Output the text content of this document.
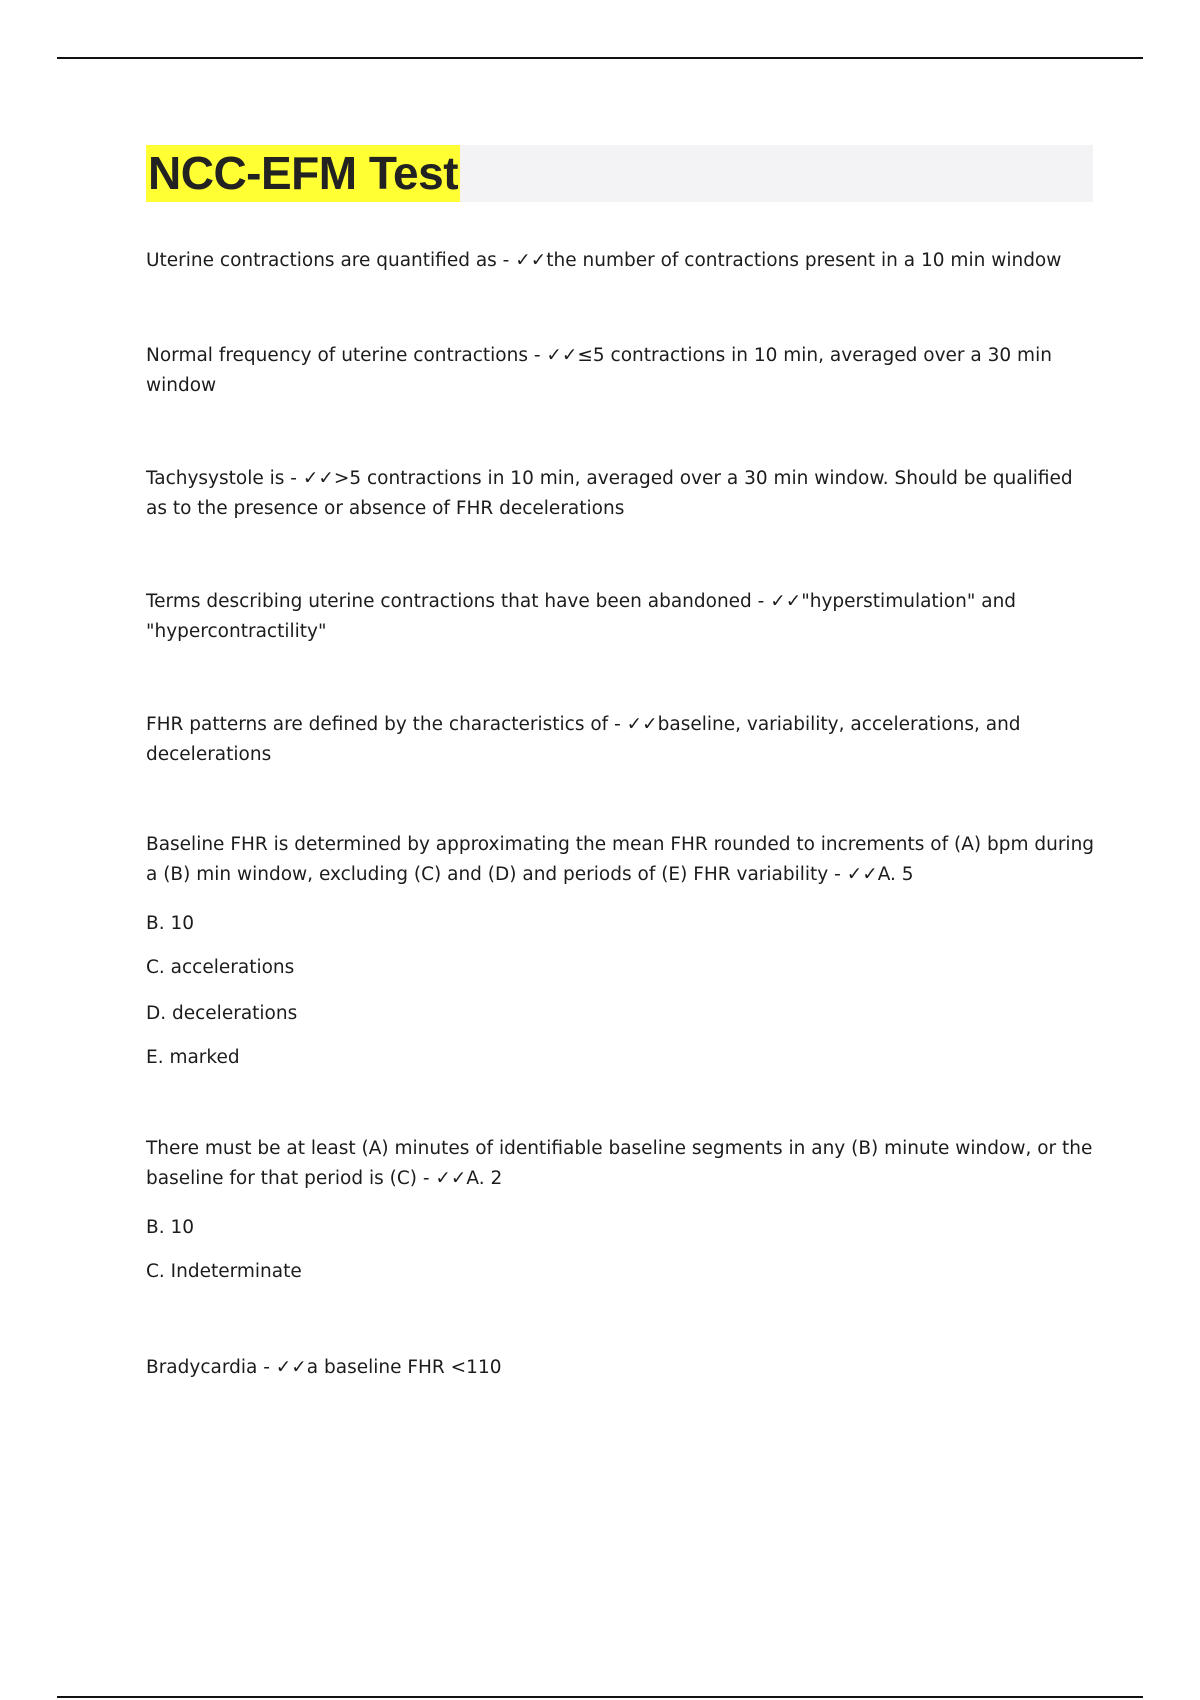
NCC-EFM Test

Uterine contractions are quantified as - ✓✓the number of contractions present in a 10 min window

Normal frequency of uterine contractions - ✓✓≤5 contractions in 10 min, averaged over a 30 min window

Tachysystole is - ✓✓>5 contractions in 10 min, averaged over a 30 min window. Should be qualified as to the presence or absence of FHR decelerations

Terms describing uterine contractions that have been abandoned - ✓✓"hyperstimulation" and "hypercontractility"

FHR patterns are defined by the characteristics of - ✓✓baseline, variability, accelerations, and decelerations

Baseline FHR is determined by approximating the mean FHR rounded to increments of (A) bpm during a (B) min window, excluding (C) and (D) and periods of (E) FHR variability - ✓✓A. 5

B. 10

C. accelerations

D. decelerations

E. marked

There must be at least (A) minutes of identifiable baseline segments in any (B) minute window, or the baseline for that period is (C) - ✓✓A. 2

B. 10

C. Indeterminate

Bradycardia - ✓✓a baseline FHR <110
